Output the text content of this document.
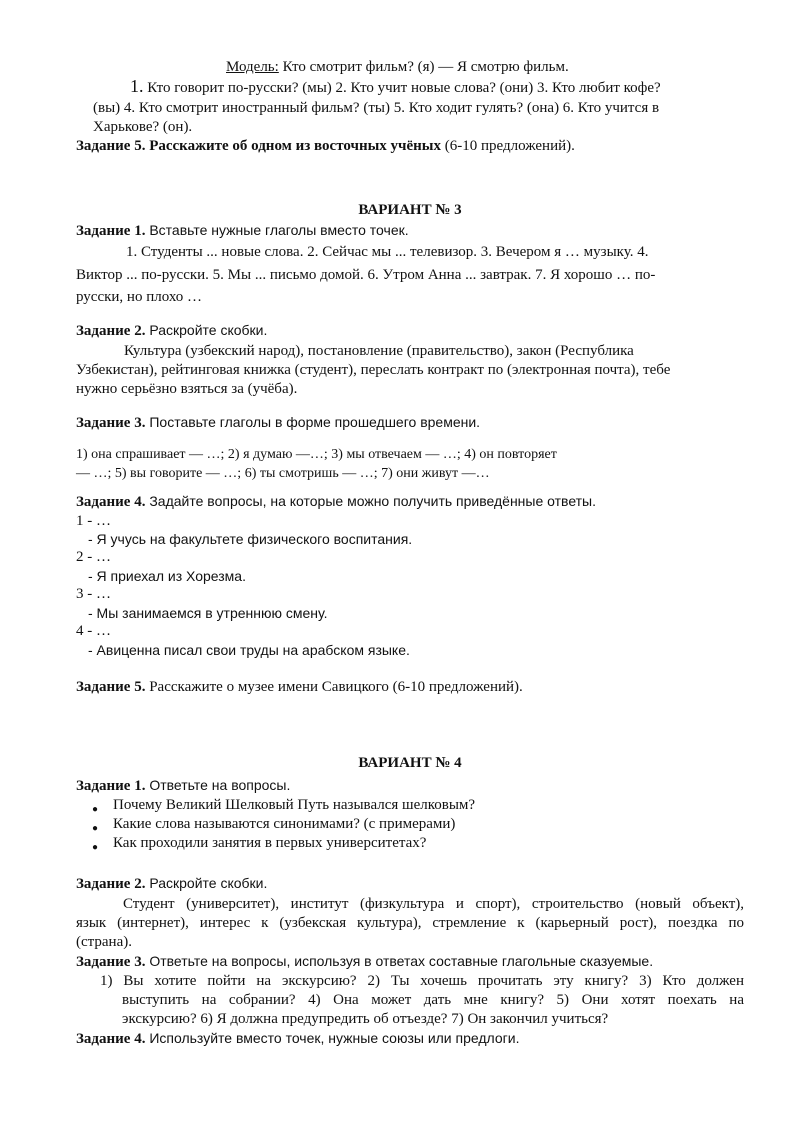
Модель: Кто смотрит фильм? (я) — Я смотрю фильм.
1. Кто говорит по-русски? (мы) 2. Кто учит новые слова? (они) 3. Кто любит кофе?
(вы) 4. Кто смотрит иностранный фильм? (ты) 5. Кто ходит гулять? (она) 6. Кто учится в
Харькове? (он).
Задание 5. Расскажите об одном из восточных учёных (6-10 предложений).
ВАРИАНТ № 3
Задание 1. Вставьте нужные глаголы вместо точек.
1. Студенты ... новые слова. 2. Сейчас мы ... телевизор. 3. Вечером я … музыку. 4.
Виктор ... по-русски. 5. Мы ... письмо домой. 6. Утром Анна ... завтрак. 7. Я хорошо … по-
русски, но плохо …
Задание 2. Раскройте скобки.
Культура (узбекский народ), постановление (правительство), закон (Республика
Узбекистан), рейтинговая книжка (студент), переслать контракт по (электронная почта), тебе
нужно серьёзно взяться за (учёба).
Задание 3. Поставьте глаголы в форме прошедшего времени.
1) она спрашивает — …; 2) я думаю —…; 3) мы отвечаем — …; 4) он повторяет
— …; 5) вы говорите — …; 6) ты смотришь — …; 7) они живут —…
Задание 4. Задайте вопросы, на которые можно получить приведённые ответы.
1 - …
- Я учусь на факультете физического воспитания.
2 - …
- Я приехал из Хорезма.
3 - …
- Мы занимаемся в утреннюю смену.
4 - …
- Авиценна писал свои труды на арабском языке.
Задание 5. Расскажите о музее имени Савицкого (6-10 предложений).
ВАРИАНТ № 4
Задание 1. Ответьте на вопросы.
● Почему Великий Шелковый Путь назывался шелковым?
● Какие слова называются синонимами? (с примерами)
● Как проходили занятия в первых университетах?
Задание 2. Раскройте скобки.
Студент (университет), институт (физкультура и спорт), строительство (новый объект),
язык (интернет), интерес к (узбекская культура), стремление к (карьерный рост), поездка по
(страна).
Задание 3. Ответьте на вопросы, используя в ответах составные глагольные сказуемые.
1) Вы хотите пойти на экскурсию? 2) Ты хочешь прочитать эту книгу? 3) Кто должен
выступить на собрании? 4) Она может дать мне книгу? 5) Они хотят поехать на
экскурсию? 6) Я должна предупредить об отъезде? 7) Он закончил учиться?
Задание 4. Используйте вместо точек, нужные союзы или предлоги.
